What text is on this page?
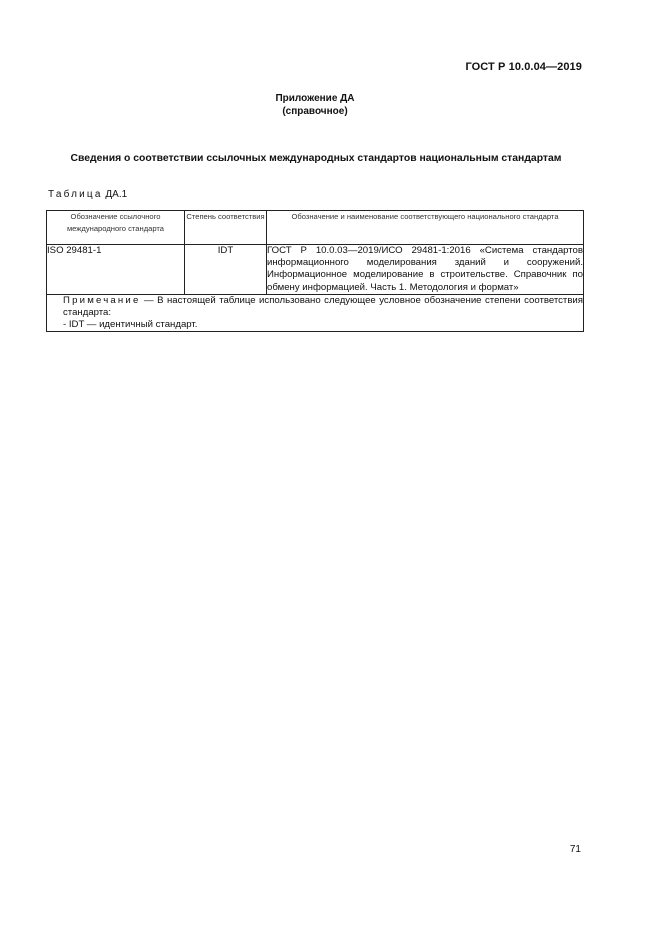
ГОСТ Р 10.0.04—2019
Приложение ДА
(справочное)
Сведения о соответствии ссылочных международных стандартов национальным стандартам
Таблица ДА.1
Обозначение ссылочного международного стандарта	Степень соответствия	Обозначение и наименование соответствующего национального стандарта
ISO 29481-1	IDT	ГОСТ Р 10.0.03—2019/ИСО 29481-1:2016 «Система стандартов информационного моделирования зданий и сооружений. Информационное моделирование в строительстве. Справочник по обмену информацией. Часть 1. Методология и формат»

Примечание — В настоящей таблице использовано следующее условное обозначение степени соответствия стандарта:
- IDT — идентичный стандарт.		
71
